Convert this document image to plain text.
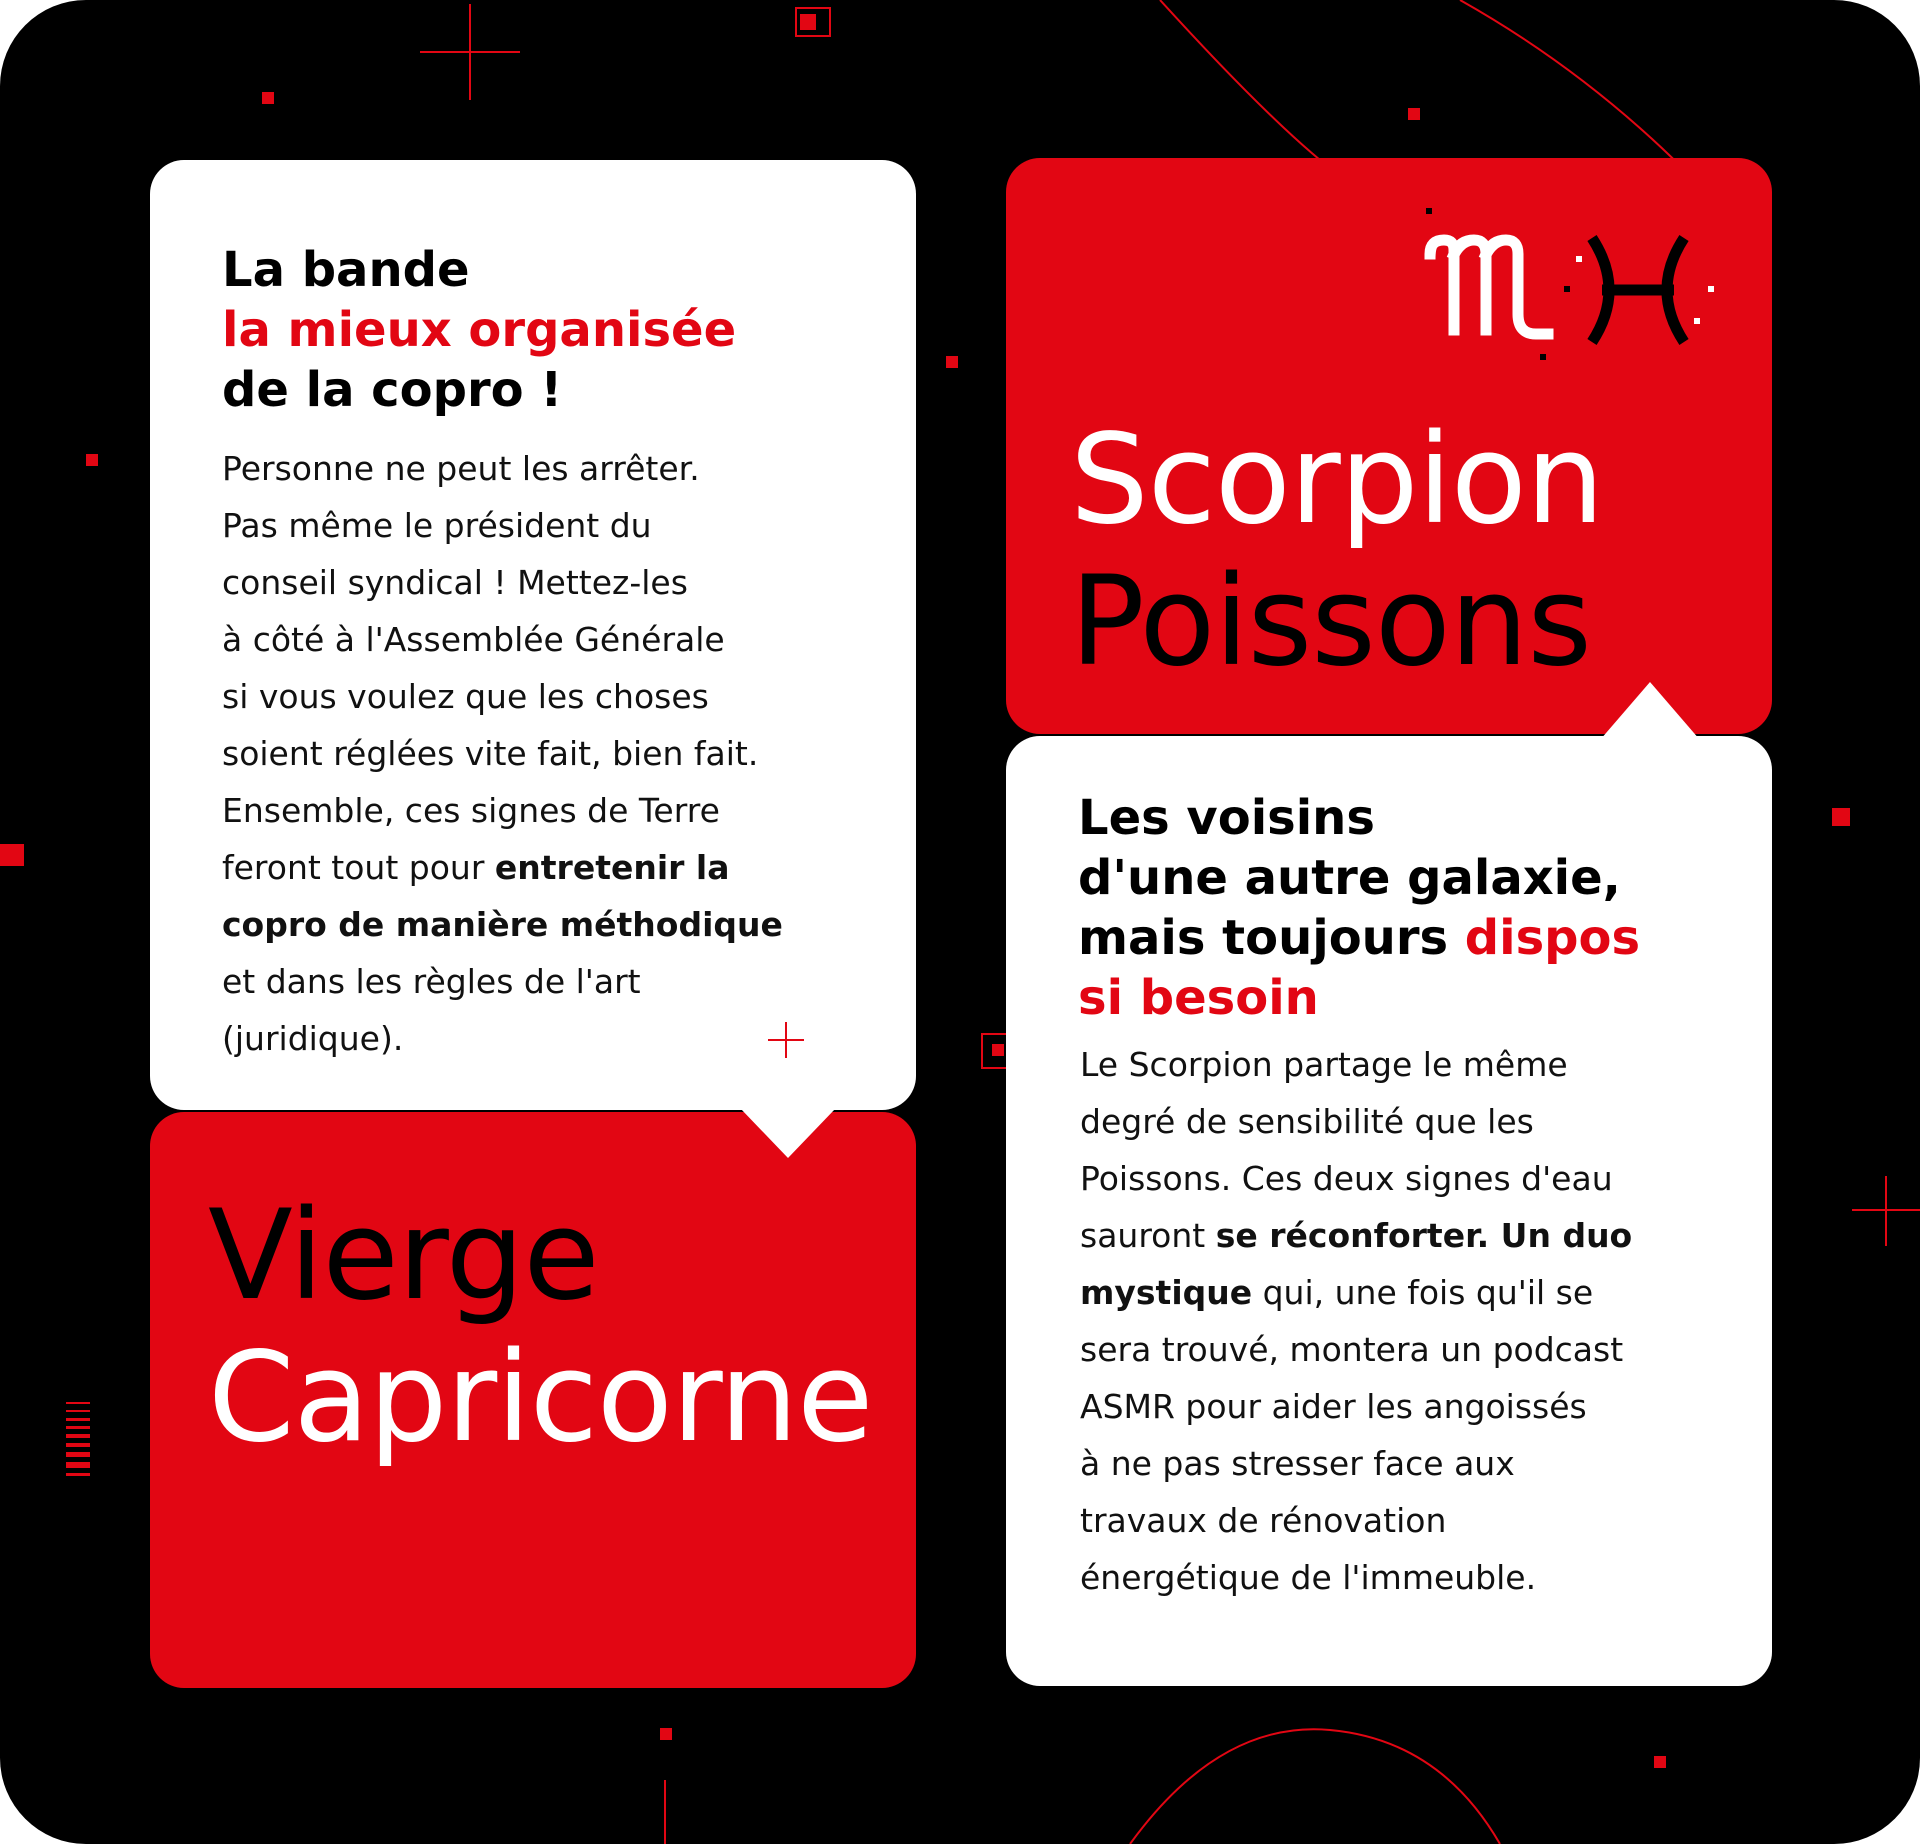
La bande
la mieux organisée
de la copro !
Personne ne peut les arrêter.
Pas même le président du
conseil syndical ! Mettez-les
à côté à l'Assemblée Générale
si vous voulez que les choses
soient réglées vite fait, bien fait.
Ensemble, ces signes de Terre
feront tout pour entretenir la
copro de manière méthodique
et dans les règles de l'art
(juridique).
Vierge
Capricorne
Scorpion
Poissons
Les voisins
d'une autre galaxie,
mais toujours dispos
si besoin
Le Scorpion partage le même
degré de sensibilité que les
Poissons. Ces deux signes d'eau
sauront se réconforter. Un duo
mystique qui, une fois qu'il se
sera trouvé, montera un podcast
ASMR pour aider les angoissés
à ne pas stresser face aux
travaux de rénovation
énergétique de l'immeuble.
